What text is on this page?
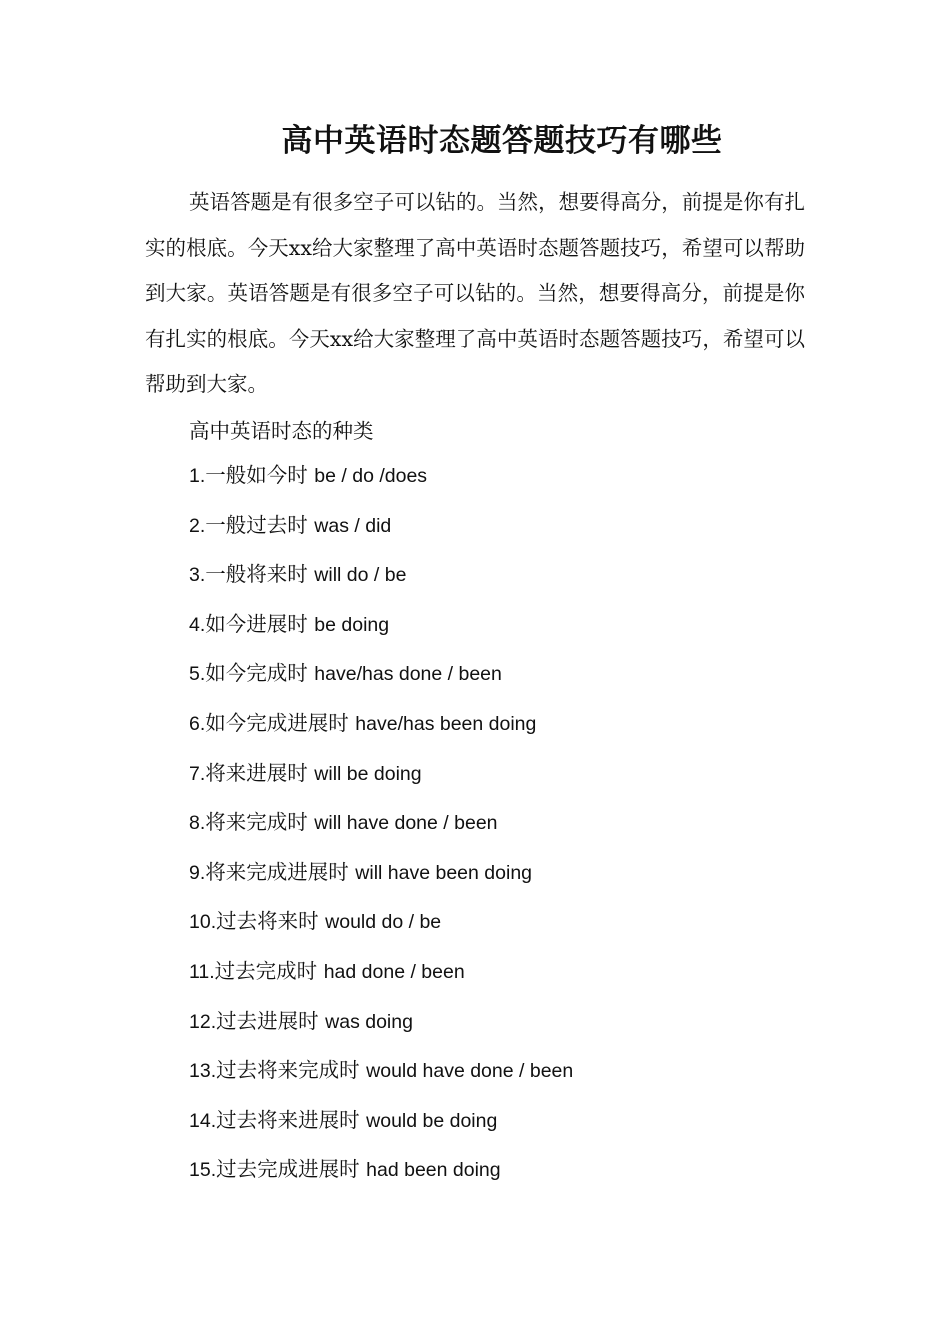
高中英语时态题答题技巧有哪些

英语答题是有很多空子可以钻的。当然，想要得高分，前提是你有扎实的根底。今天xx给大家整理了高中英语时态题答题技巧，希望可以帮助到大家。英语答题是有很多空子可以钻的。当然，想要得高分，前提是你有扎实的根底。今天xx给大家整理了高中英语时态题答题技巧，希望可以帮助到大家。

高中英语时态的种类

1.一般如今时 be / do /does
2.一般过去时 was / did
3.一般将来时 will do / be
4.如今进展时 be doing
5.如今完成时 have/has done / been
6.如今完成进展时 have/has been doing
7.将来进展时 will be doing
8.将来完成时 will have done / been
9.将来完成进展时 will have been doing
10.过去将来时 would do / be
11.过去完成时 had done / been
12.过去进展时 was doing
13.过去将来完成时 would have done / been
14.过去将来进展时 would be doing
15.过去完成进展时 had been doing
